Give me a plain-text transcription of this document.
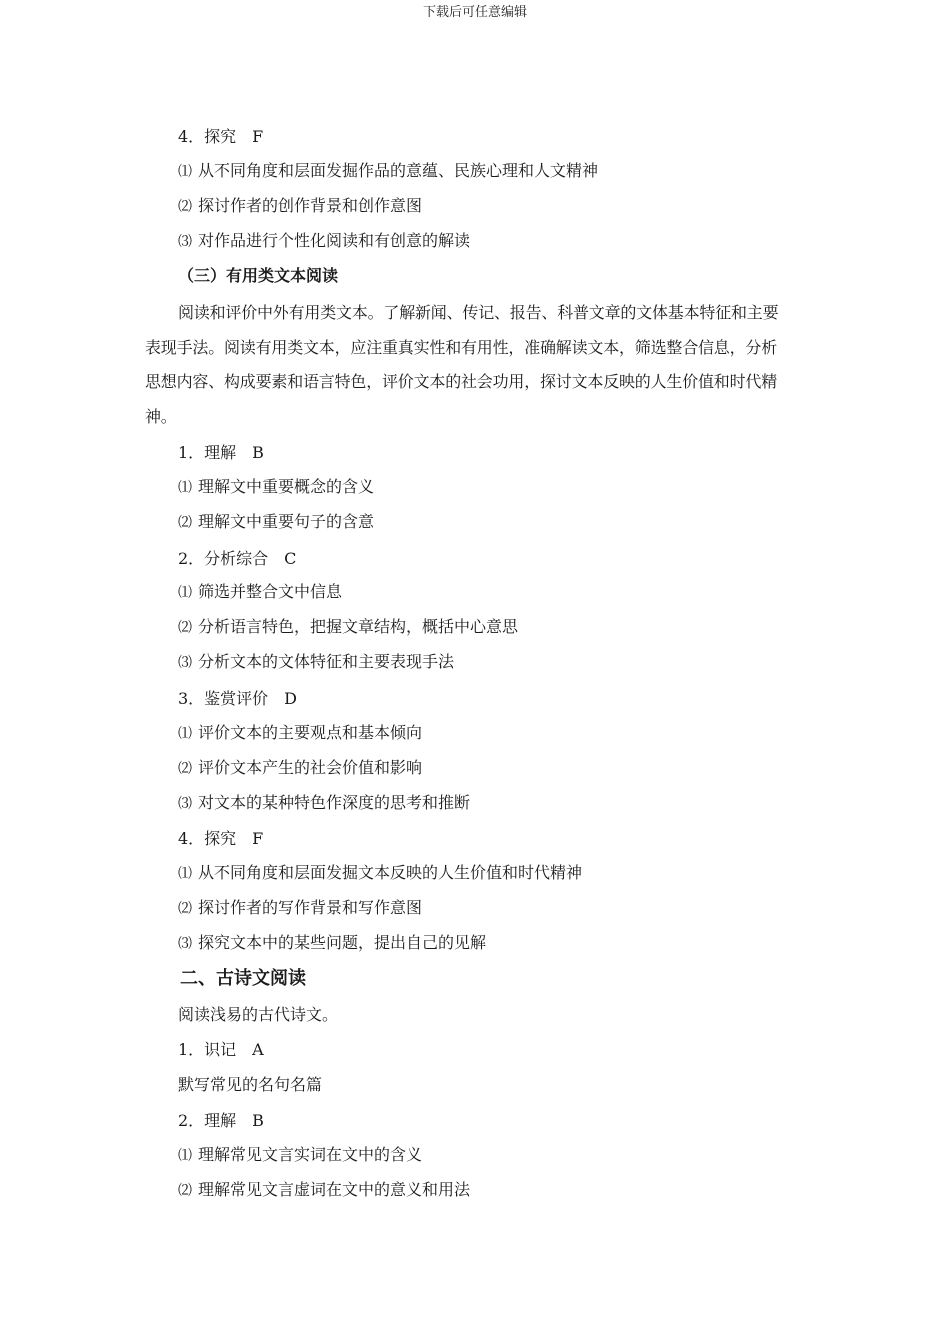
下载后可任意编辑
4．探究　F
⑴ 从不同角度和层面发掘作品的意蕴、民族心理和人文精神
⑵ 探讨作者的创作背景和创作意图
⑶ 对作品进行个性化阅读和有创意的解读
（三）有用类文本阅读
阅读和评价中外有用类文本。了解新闻、传记、报告、科普文章的文体基本特征和主要
表现手法。阅读有用类文本，应注重真实性和有用性，准确解读文本，筛选整合信息，分析
思想内容、构成要素和语言特色，评价文本的社会功用，探讨文本反映的人生价值和时代精
神。
1．理解　B
⑴ 理解文中重要概念的含义
⑵ 理解文中重要句子的含意
2．分析综合　C
⑴ 筛选并整合文中信息
⑵ 分析语言特色，把握文章结构，概括中心意思
⑶ 分析文本的文体特征和主要表现手法
3．鉴赏评价　D
⑴ 评价文本的主要观点和基本倾向
⑵ 评价文本产生的社会价值和影响
⑶ 对文本的某种特色作深度的思考和推断
4．探究　F
⑴ 从不同角度和层面发掘文本反映的人生价值和时代精神
⑵ 探讨作者的写作背景和写作意图
⑶ 探究文本中的某些问题，提出自己的见解
二、古诗文阅读
阅读浅易的古代诗文。
1．识记　A
默写常见的名句名篇
2．理解　B
⑴ 理解常见文言实词在文中的含义
⑵ 理解常见文言虚词在文中的意义和用法
